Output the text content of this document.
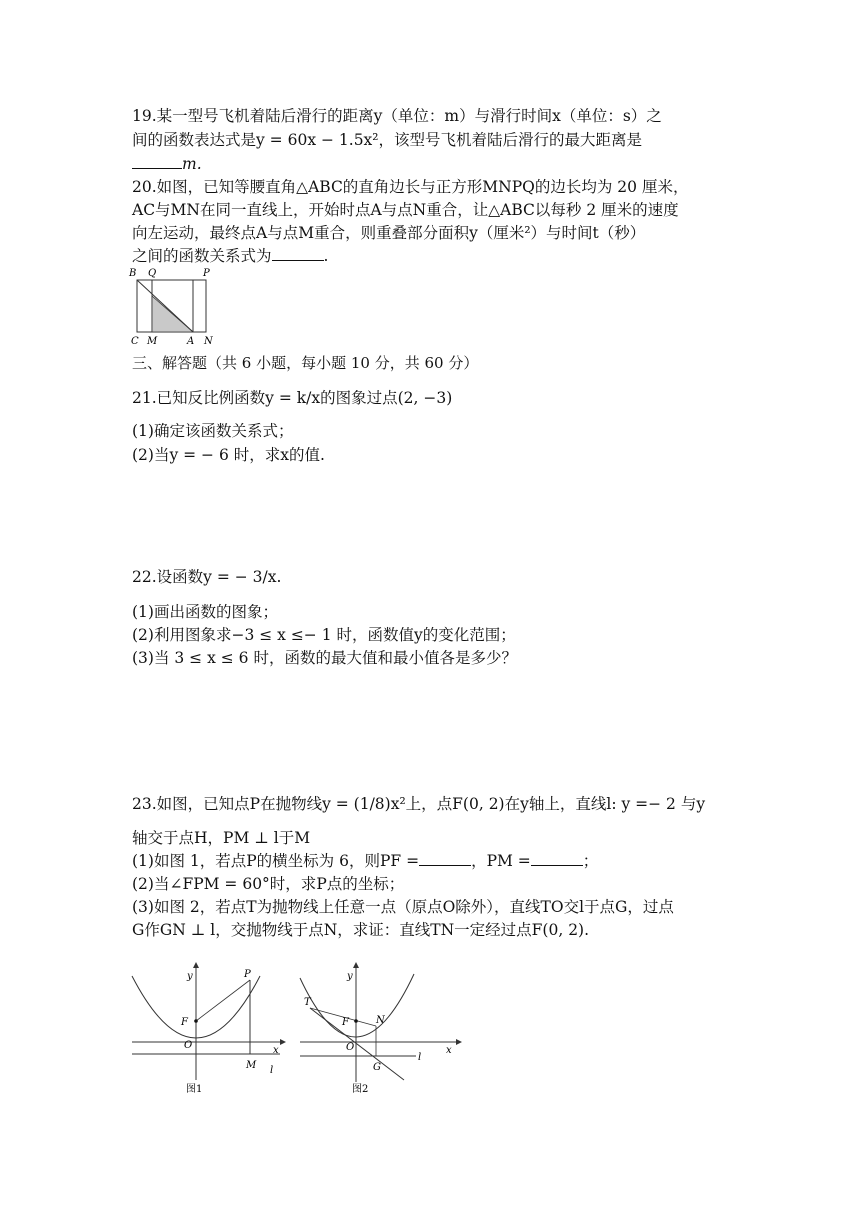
19.某一型号飞机着陆后滑行的距离y（单位：m）与滑行时间x（单位：s）之
间的函数表达式是y = 60x − 1.5x²，该型号飞机着陆后滑行的最大距离是
m.
20.如图，已知等腰直角△ABC的直角边长与正方形MNPQ的边长均为 20 厘米，
AC与MN在同一直线上，开始时点A与点N重合，让△ABC以每秒 2 厘米的速度
向左运动，最终点A与点M重合，则重叠部分面积y（厘米²）与时间t（秒）
之间的函数关系式为	.
B Q	P
C M	A N
三、解答题（共 6 小题，每小题 10 分，共 60 分）
21.已知反比例函数y = k/x的图象过点(2, −3)
(1)确定该函数关系式；
(2)当y = − 6 时，求x的值.
22.设函数y = − 3/x.
(1)画出函数的图象；
(2)利用图象求−3 ≤ x ≤− 1 时，函数值y的变化范围；
(3)当 3 ≤ x ≤ 6 时，函数的最大值和最小值各是多少？
23.如图，已知点P在抛物线y = (1/8)x²上，点F(0, 2)在y轴上，直线l: y =− 2 与y
轴交于点H，PM ⊥ l于M
(1)如图 1，若点P的横坐标为 6，则PF =	，PM =	；
(2)当∠FPM = 60°时，求P点的坐标；
(3)如图 2，若点T为抛物线上任意一点（原点O除外），直线TO交l于点G，过点
G作GN ⊥ l，交抛物线于点N，求证：直线TN一定经过点F(0, 2).
y
x
F
O
P
M l
图1
y
x
F
O
T
N
G
l
图2
